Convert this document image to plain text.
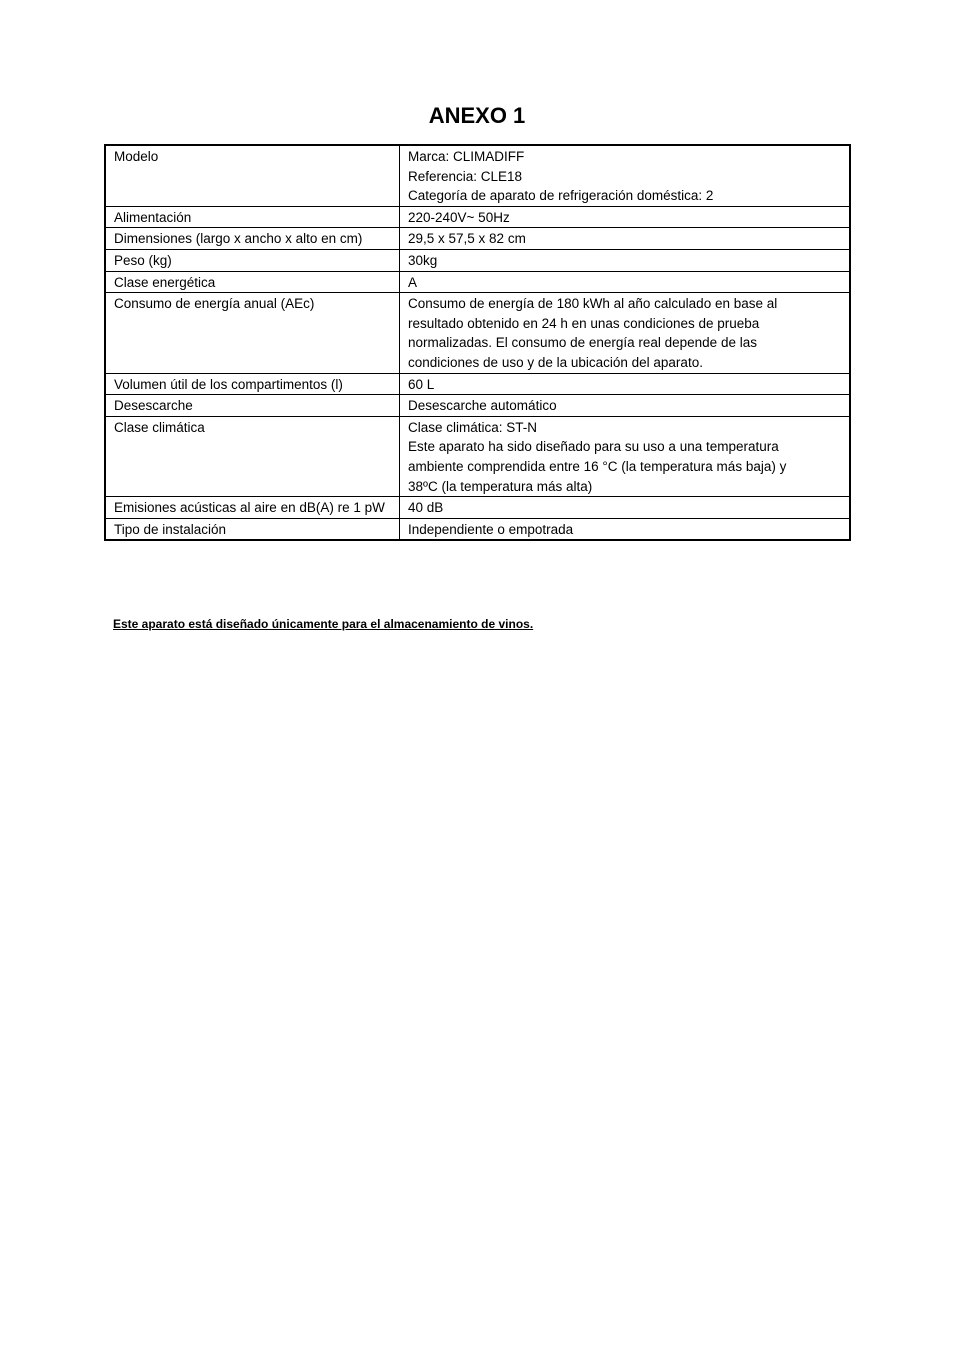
ANEXO 1
Modelo	Marca: CLIMADIFF
Referencia: CLE18
Categoría de aparato de refrigeración doméstica: 2

Alimentación	220-240V~ 50Hz

Dimensiones (largo x ancho x alto en cm)	29,5 x 57,5 x 82 cm

Peso (kg)	30kg

Clase energética	A

Consumo de energía anual (AEc)	Consumo de energía de 180 kWh al año calculado en base al
resultado obtenido en 24 h en unas condiciones de prueba
normalizadas. El consumo de energía real depende de las
condiciones de uso y de la ubicación del aparato.

Volumen útil de los compartimentos (l)	60 L

Desescarche	Desescarche automático

Clase climática	Clase climática: ST-N
Este aparato ha sido diseñado para su uso a una temperatura
ambiente comprendida entre 16 °C (la temperatura más baja) y
38ºC (la temperatura más alta)

Emisiones acústicas al aire en dB(A) re 1 pW	40 dB

Tipo de instalación	Independiente o empotrada
Este aparato está diseñado únicamente para el almacenamiento de vinos.
